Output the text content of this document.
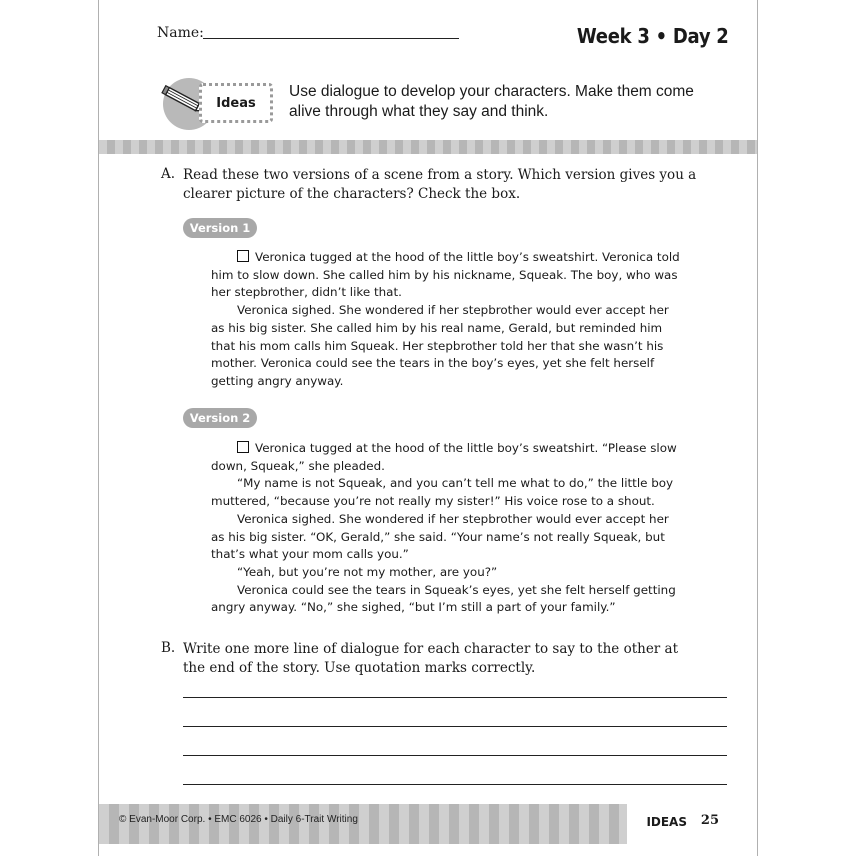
Name:	Week 3 • Day 2
Ideas
Use dialogue to develop your characters. Make them come alive through what they say and think.
A. Read these two versions of a scene from a story. Which version gives you a clearer picture of the characters? Check the box.
Version 1

Veronica tugged at the hood of the little boy’s sweatshirt. Veronica told him to slow down. She called him by his nickname, Squeak. The boy, who was her stepbrother, didn’t like that.

Veronica sighed. She wondered if her stepbrother would ever accept her as his big sister. She called him by his real name, Gerald, but reminded him that his mom calls him Squeak. Her stepbrother told her that she wasn’t his mother. Veronica could see the tears in the boy’s eyes, yet she felt herself getting angry anyway.

Version 2

Veronica tugged at the hood of the little boy’s sweatshirt. “Please slow down, Squeak,” she pleaded.

“My name is not Squeak, and you can’t tell me what to do,” the little boy muttered, “because you’re not really my sister!” His voice rose to a shout.

Veronica sighed. She wondered if her stepbrother would ever accept her as his big sister. “OK, Gerald,” she said. “Your name’s not really Squeak, but that’s what your mom calls you.”

“Yeah, but you’re not my mother, are you?”

Veronica could see the tears in Squeak’s eyes, yet she felt herself getting angry anyway. “No,” she sighed, “but I’m still a part of your family.”

B. Write one more line of dialogue for each character to say to the other at the end of the story. Use quotation marks correctly.
© Evan-Moor Corp. • EMC 6026 • Daily 6-Trait Writing	IDEAS 25
